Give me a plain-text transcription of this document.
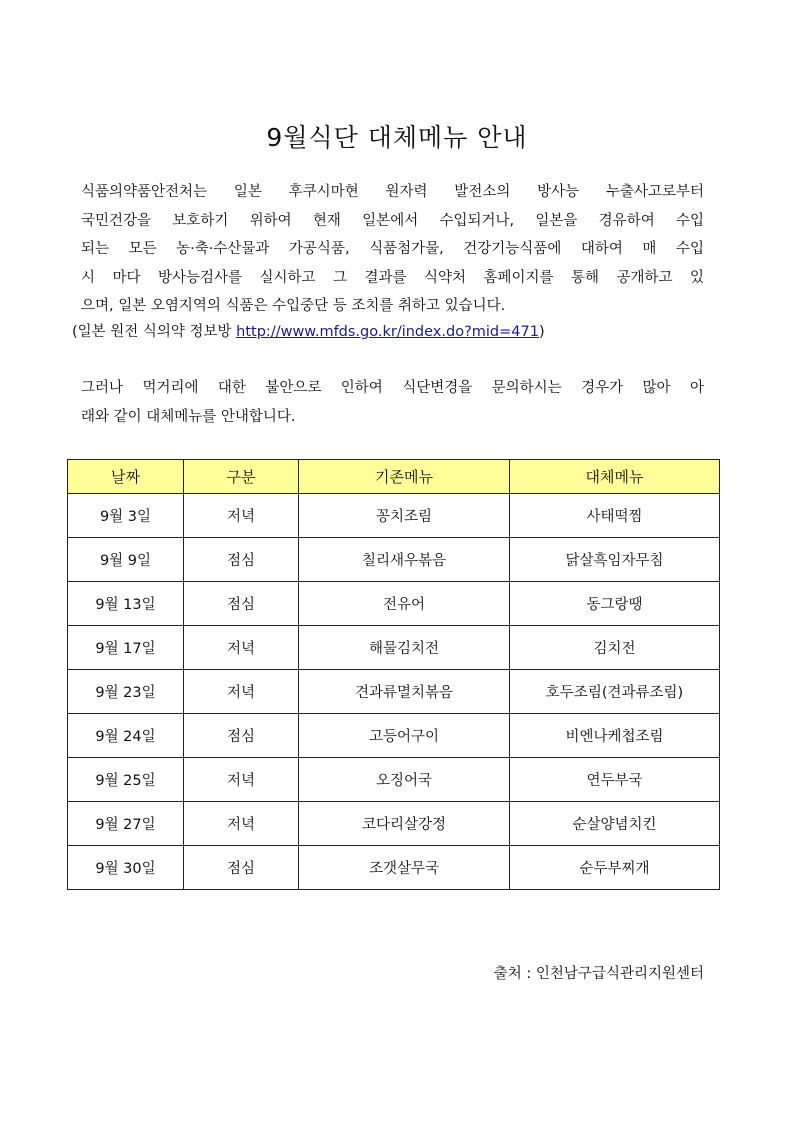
9월식단 대체메뉴 안내
식품의약품안전처는 일본 후쿠시마현 원자력 발전소의 방사능 누출사고로부터
국민건강을 보호하기 위하여 현재 일본에서 수입되거나, 일본을 경유하여 수입
되는 모든 농·축·수산물과 가공식품, 식품첨가물, 건강기능식품에 대하여 매 수입
시 마다 방사능검사를 실시하고 그 결과를 식약처 홈페이지를 통해 공개하고 있
으며, 일본 오염지역의 식품은 수입중단 등 조치를 취하고 있습니다.
(일본 원전 식의약 정보방 http://www.mfds.go.kr/index.do?mid=471)
그러나 먹거리에 대한 불안으로 인하여 식단변경을 문의하시는 경우가 많아 아
래와 같이 대체메뉴를 안내합니다.
날짜	구분	기존메뉴	대체메뉴
9월 3일	저녁	꽁치조림	사태떡찜
9월 9일	점심	칠리새우볶음	닭살흑임자무침
9월 13일	점심	전유어	동그랑땡
9월 17일	저녁	해물김치전	김치전
9월 23일	저녁	견과류멸치볶음	호두조림(견과류조림)
9월 24일	점심	고등어구이	비엔나케첩조림
9월 25일	저녁	오징어국	연두부국
9월 27일	저녁	코다리살강정	순살양념치킨
9월 30일	점심	조갯살무국	순두부찌개
출처 : 인천남구급식관리지원센터
